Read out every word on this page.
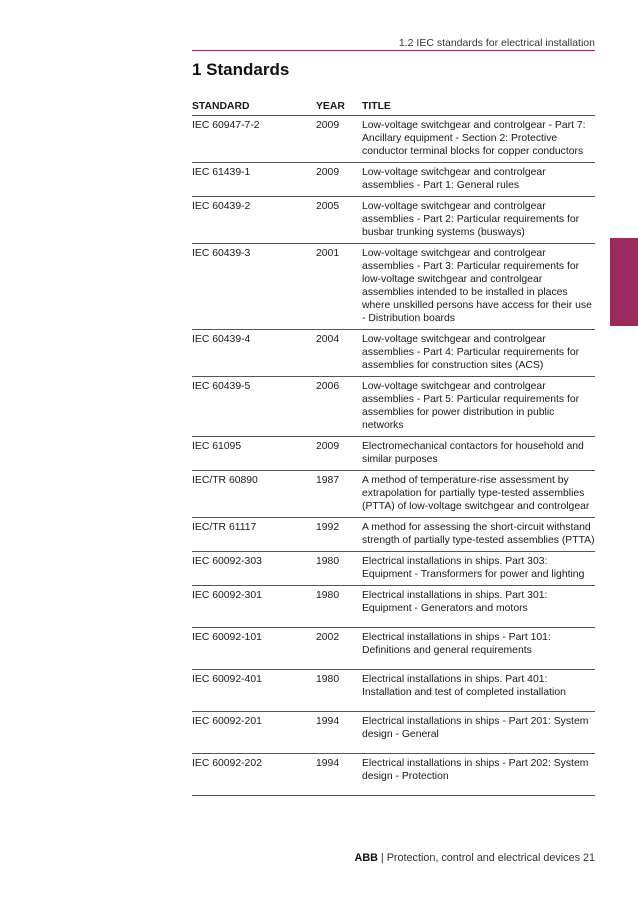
1.2 IEC standards for electrical installation
1 Standards
STANDARD	YEAR	TITLE
IEC 60947-7-2	2009	Low-voltage switchgear and controlgear - Part 7: Ancillary equipment - Section 2: Protective conductor terminal blocks for copper conductors
IEC 61439-1	2009	Low-voltage switchgear and controlgear assemblies - Part 1: General rules
IEC 60439-2	2005	Low-voltage switchgear and controlgear assemblies - Part 2: Particular requirements for busbar trunking systems (busways)
IEC 60439-3	2001	Low-voltage switchgear and controlgear assemblies - Part 3: Particular requirements for low-voltage switchgear and controlgear assemblies intended to be installed in places where unskilled persons have access for their use - Distribution boards
IEC 60439-4	2004	Low-voltage switchgear and controlgear assemblies - Part 4: Particular requirements for assemblies for construction sites (ACS)
IEC 60439-5	2006	Low-voltage switchgear and controlgear assemblies - Part 5: Particular requirements for assemblies for power distribution in public networks
IEC 61095	2009	Electromechanical contactors for household and similar purposes
IEC/TR 60890	1987	A method of temperature-rise assessment by extrapolation for partially type-tested assemblies (PTTA) of low-voltage switchgear and controlgear
IEC/TR 61117	1992	A method for assessing the short-circuit withstand strength of partially type-tested assemblies (PTTA)
IEC 60092-303	1980	Electrical installations in ships. Part 303: Equipment - Transformers for power and lighting
IEC 60092-301	1980	Electrical installations in ships. Part 301: Equipment - Generators and motors
IEC 60092-101	2002	Electrical installations in ships - Part 101: Definitions and general requirements
IEC 60092-401	1980	Electrical installations in ships. Part 401: Installation and test of completed installation
IEC 60092-201	1994	Electrical installations in ships - Part 201: System design - General
IEC 60092-202	1994	Electrical installations in ships - Part 202: System design - Protection
ABB | Protection, control and electrical devices 21
